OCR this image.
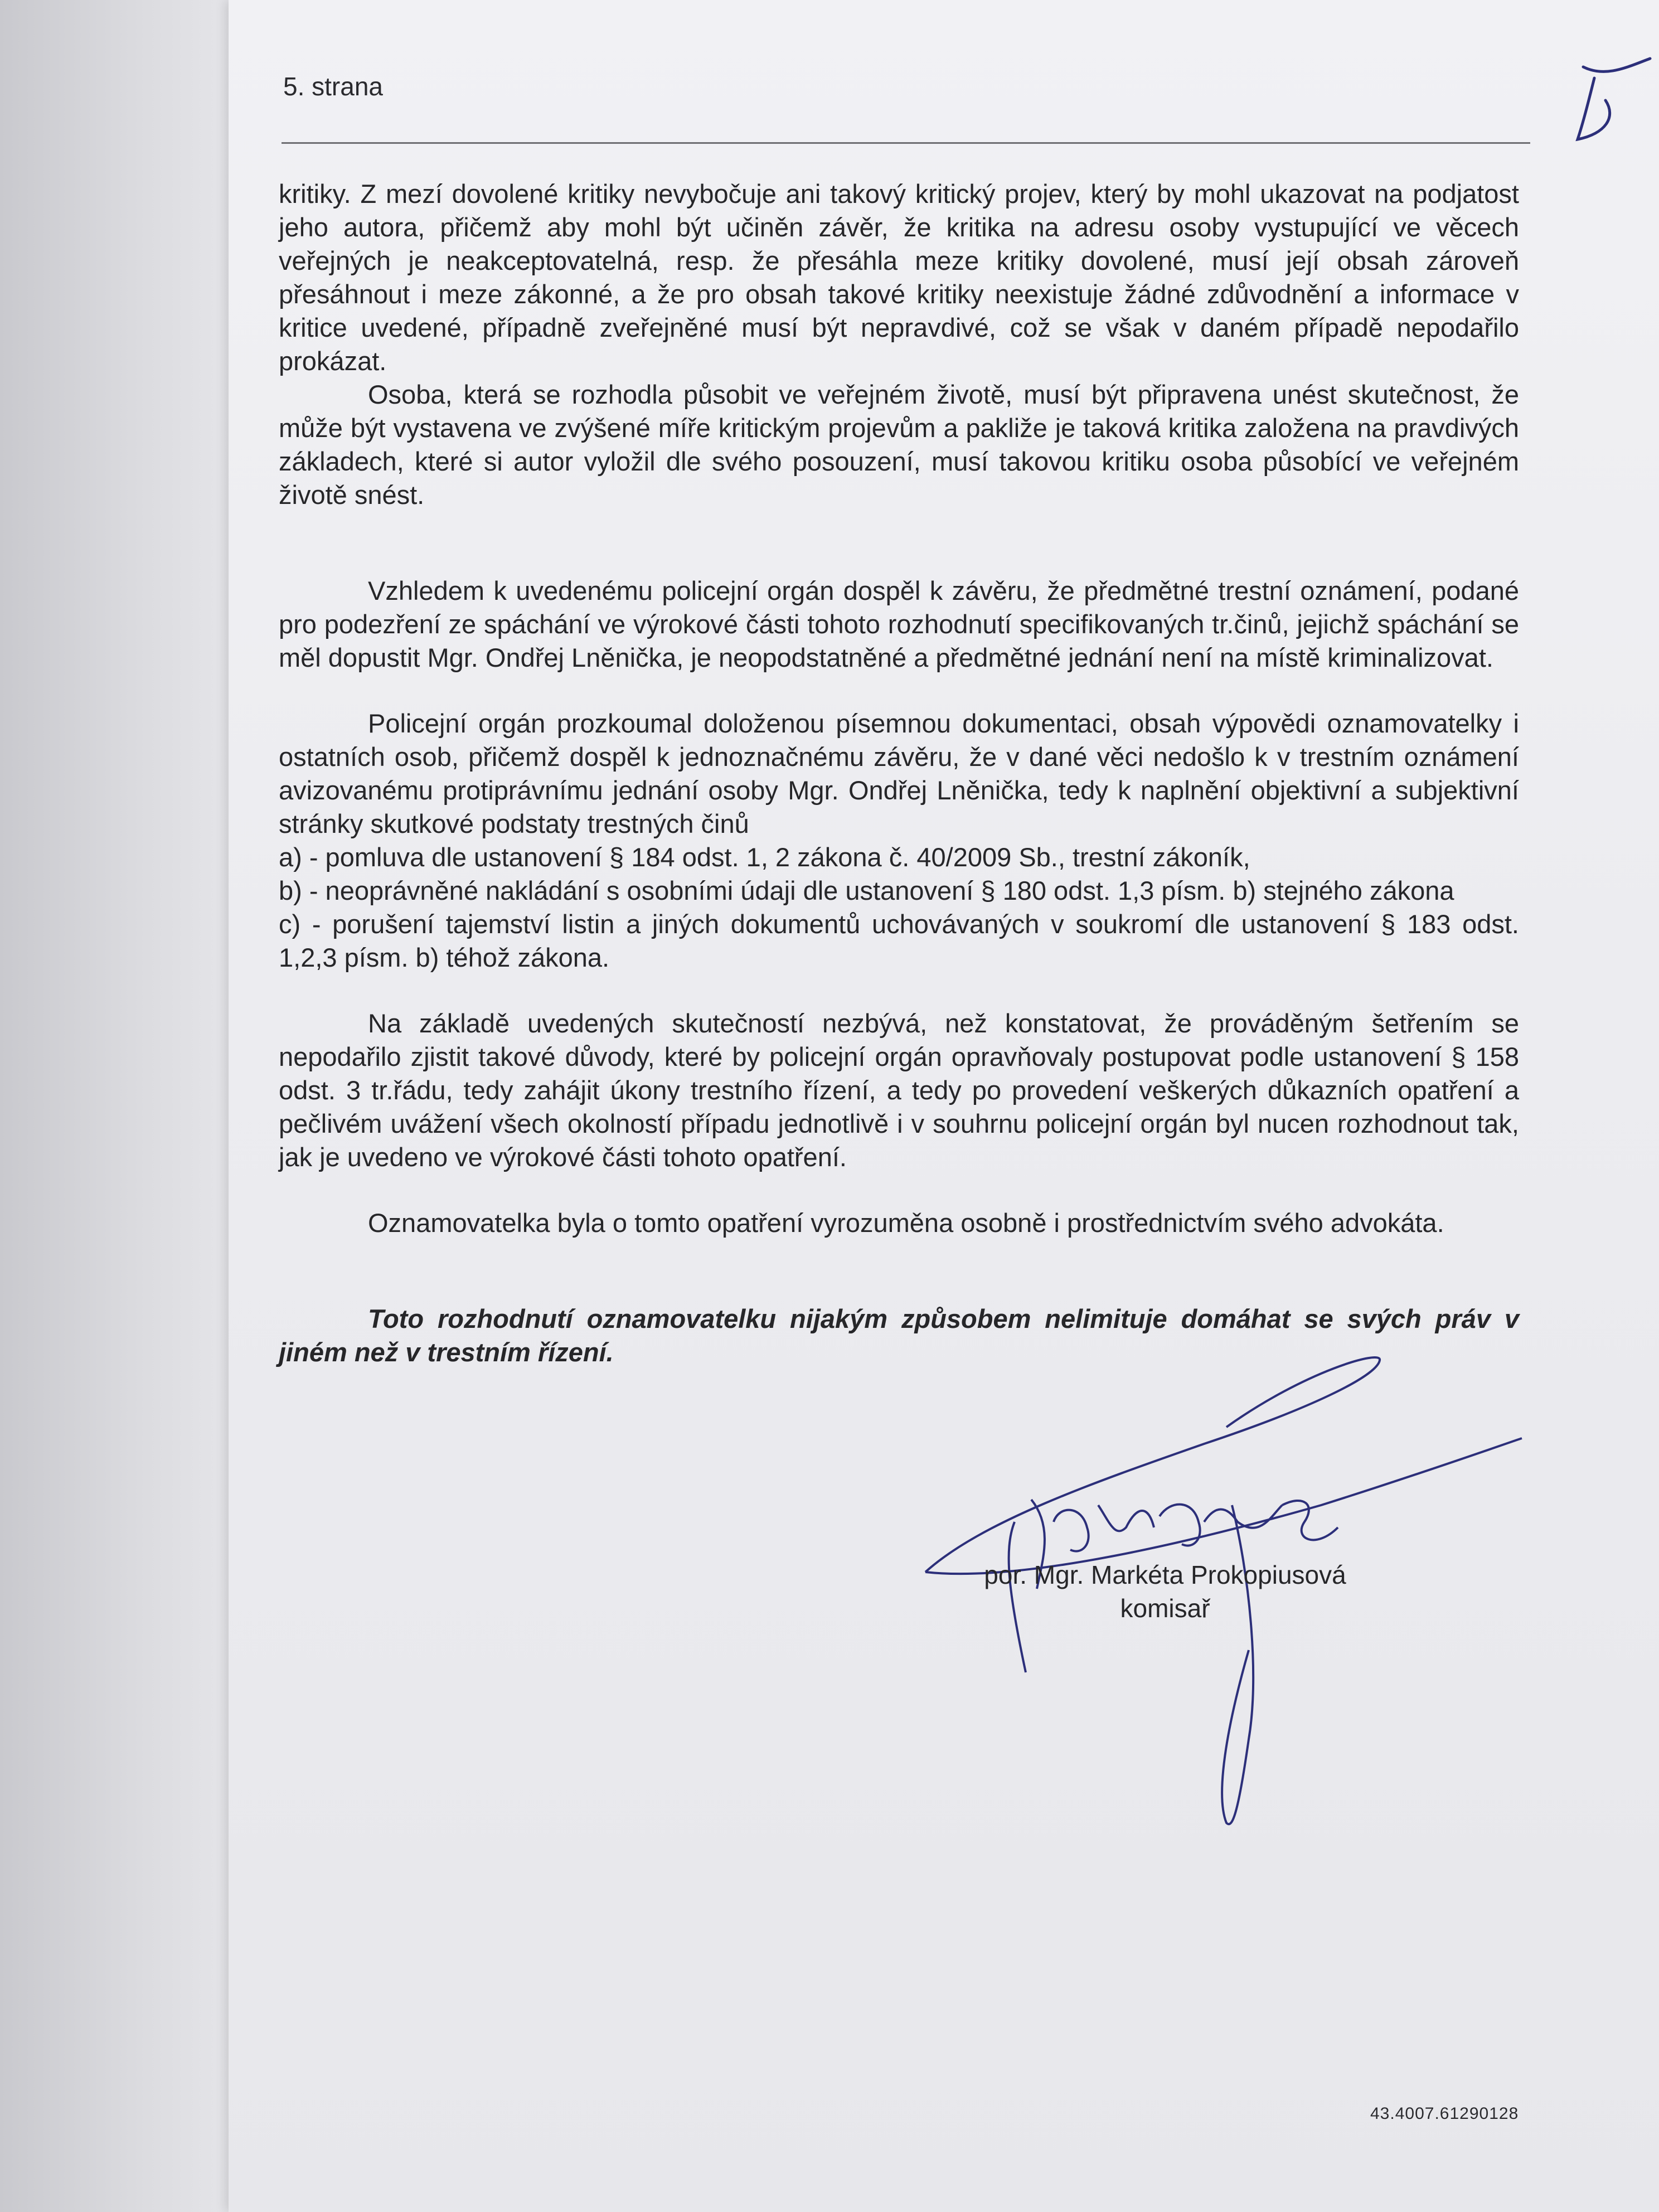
5. strana

kritiky. Z mezí dovolené kritiky nevybočuje ani takový kritický projev, který by mohl ukazovat na podjatost jeho autora, přičemž aby mohl být učiněn závěr, že kritika na adresu osoby vystupující ve věcech veřejných je neakceptovatelná, resp. že přesáhla meze kritiky dovolené, musí její obsah zároveň přesáhnout i meze zákonné, a že pro obsah takové kritiky neexistuje žádné zdůvodnění a informace v kritice uvedené, případně zveřejněné musí být nepravdivé, což se však v daném případě nepodařilo prokázat.

Osoba, která se rozhodla působit ve veřejném životě, musí být připravena unést skutečnost, že může být vystavena ve zvýšené míře kritickým projevům a pakliže je taková kritika založena na pravdivých základech, které si autor vyložil dle svého posouzení, musí takovou kritiku osoba působící ve veřejném životě snést.

Vzhledem k uvedenému policejní orgán dospěl k závěru, že předmětné trestní oznámení, podané pro podezření ze spáchání ve výrokové části tohoto rozhodnutí specifikovaných tr.činů, jejichž spáchání se měl dopustit Mgr. Ondřej Lněnička, je neopodstatněné a předmětné jednání není na místě kriminalizovat.

Policejní orgán prozkoumal doloženou písemnou dokumentaci, obsah výpovědi oznamovatelky i ostatních osob, přičemž dospěl k jednoznačnému závěru, že v dané věci nedošlo k v trestním oznámení avizovanému protiprávnímu jednání osoby Mgr. Ondřej Lněnička, tedy k naplnění objektivní a subjektivní stránky skutkové podstaty trestných činů

a) - pomluva dle ustanovení § 184 odst. 1, 2 zákona č. 40/2009 Sb., trestní zákoník,

b) - neoprávněné nakládání s osobními údaji dle ustanovení § 180 odst. 1,3 písm. b) stejného zákona

c) - porušení tajemství listin a jiných dokumentů uchovávaných v soukromí dle ustanovení § 183 odst. 1,2,3 písm. b) téhož zákona.

Na základě uvedených skutečností nezbývá, než konstatovat, že prováděným šetřením se nepodařilo zjistit takové důvody, které by policejní orgán opravňovaly postupovat podle ustanovení § 158 odst. 3 tr.řádu, tedy zahájit úkony trestního řízení, a tedy po provedení veškerých důkazních opatření a pečlivém uvážení všech okolností případu jednotlivě i v souhrnu policejní orgán byl nucen rozhodnout tak, jak je uvedeno ve výrokové části tohoto opatření.

Oznamovatelka byla o tomto opatření vyrozuměna osobně i prostřednictvím svého advokáta.

Toto rozhodnutí oznamovatelku nijakým způsobem nelimituje domáhat se svých práv v jiném než v trestním řízení.

por. Mgr. Markéta Prokopiusová
komisař
43.4007.61290128
